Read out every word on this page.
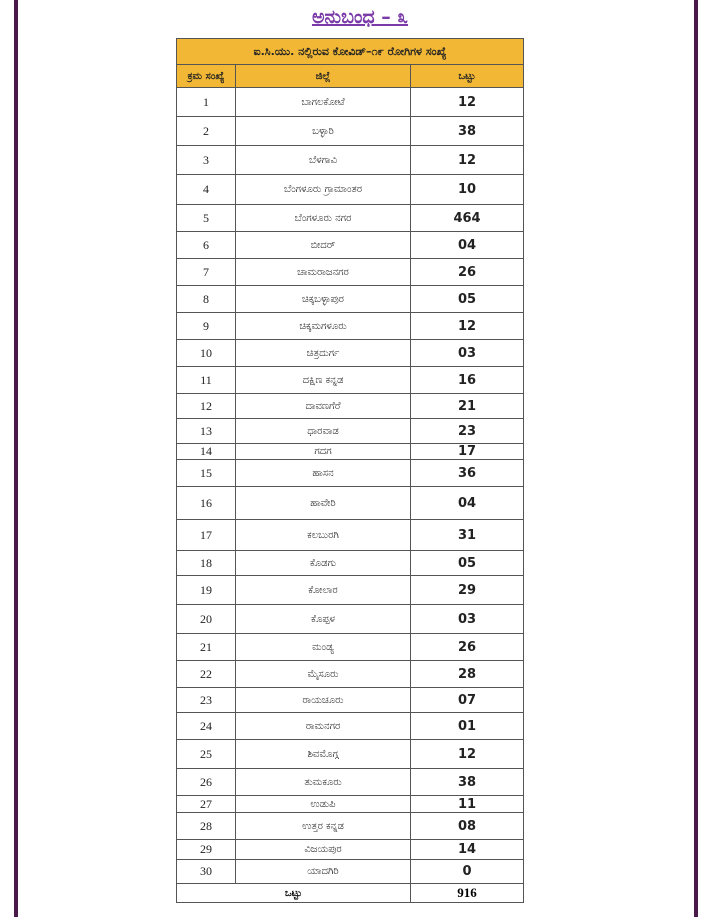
ಅನುಬಂಧ – ೩
ಐ.ಸಿ.ಯು. ನಲ್ಲಿರುವ ಕೋವಿಡ್–೧೯ ರೋಗಿಗಳ ಸಂಖ್ಯೆ		
ಕ್ರಮ ಸಂಖ್ಯೆ	ಜಿಲ್ಲೆ	ಒಟ್ಟು
1	ಬಾಗಲಕೋಟೆ	12
2	ಬಳ್ಳಾರಿ	38
3	ಬೆಳಗಾವಿ	12
4	ಬೆಂಗಳೂರು ಗ್ರಾಮಾಂತರ	10
5	ಬೆಂಗಳೂರು ನಗರ	464
6	ಬೀದರ್	04
7	ಚಾಮರಾಜನಗರ	26
8	ಚಿಕ್ಕಬಳ್ಳಾಪುರ	05
9	ಚಿಕ್ಕಮಗಳೂರು	12
10	ಚಿತ್ರದುರ್ಗ	03
11	ದಕ್ಷಿಣ ಕನ್ನಡ	16
12	ದಾವಣಗೆರೆ	21
13	ಧಾರವಾಡ	23
14	ಗದಗ	17
15	ಹಾಸನ	36
16	ಹಾವೇರಿ	04
17	ಕಲಬುರಗಿ	31
18	ಕೊಡಗು	05
19	ಕೋಲಾರ	29
20	ಕೊಪ್ಪಳ	03
21	ಮಂಡ್ಯ	26
22	ಮೈಸೂರು	28
23	ರಾಯಚೂರು	07
24	ರಾಮನಗರ	01
25	ಶಿವಮೊಗ್ಗ	12
26	ತುಮಕೂರು	38
27	ಉಡುಪಿ	11
28	ಉತ್ತರ ಕನ್ನಡ	08
29	ವಿಜಯಪುರ	14
30	ಯಾದಗಿರಿ	0
ಒಟ್ಟು		916
